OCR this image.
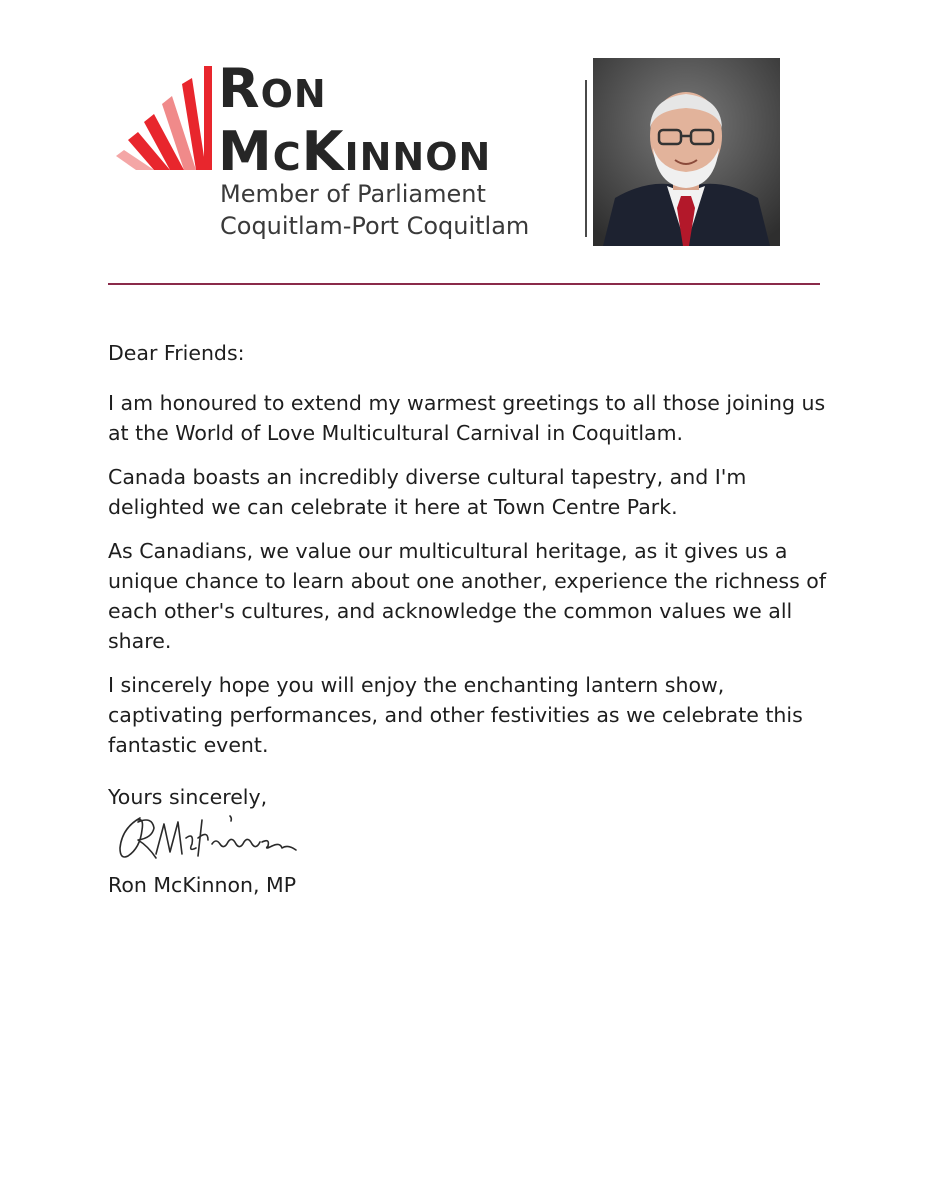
Ron
McKinnon
Member of Parliament
Coquitlam-Port Coquitlam

Dear Friends:

I am honoured to extend my warmest greetings to all those joining us at the World of Love Multicultural Carnival in Coquitlam.

Canada boasts an incredibly diverse cultural tapestry, and I'm delighted we can celebrate it here at Town Centre Park.

As Canadians, we value our multicultural heritage, as it gives us a unique chance to learn about one another, experience the richness of each other's cultures, and acknowledge the common values we all share.

I sincerely hope you will enjoy the enchanting lantern show, captivating performances, and other festivities as we celebrate this fantastic event.

Yours sincerely,

Ron McKinnon, MP
